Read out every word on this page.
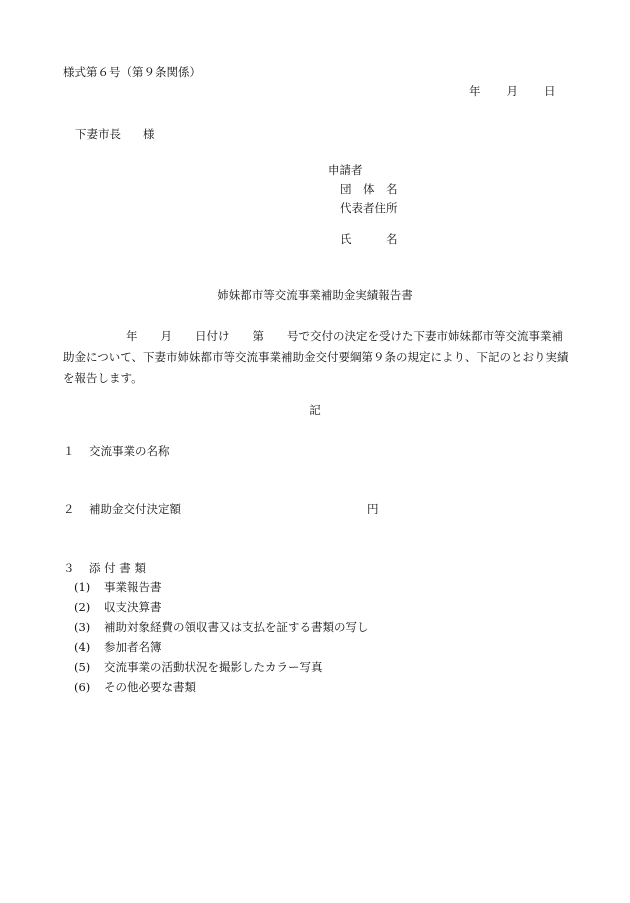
様式第６号（第９条関係）
年 月 日
下妻市長 様
申請者
団　体　名
代表者住所
氏　　　名
姉妹都市等交流事業補助金実績報告書
年　　月　　日付け　　第　　号で交付の決定を受けた下妻市姉妹都市等交流事業補助金について、下妻市姉妹都市等交流事業補助金交付要綱第９条の規定により、下記のとおり実績を報告します。
記
１ 交流事業の名称
２ 補助金交付決定額	円
３ 添 付 書 類
(1) 事業報告書
(2) 収支決算書
(3) 補助対象経費の領収書又は支払を証する書類の写し
(4) 参加者名簿
(5) 交流事業の活動状況を撮影したカラー写真
(6) その他必要な書類
